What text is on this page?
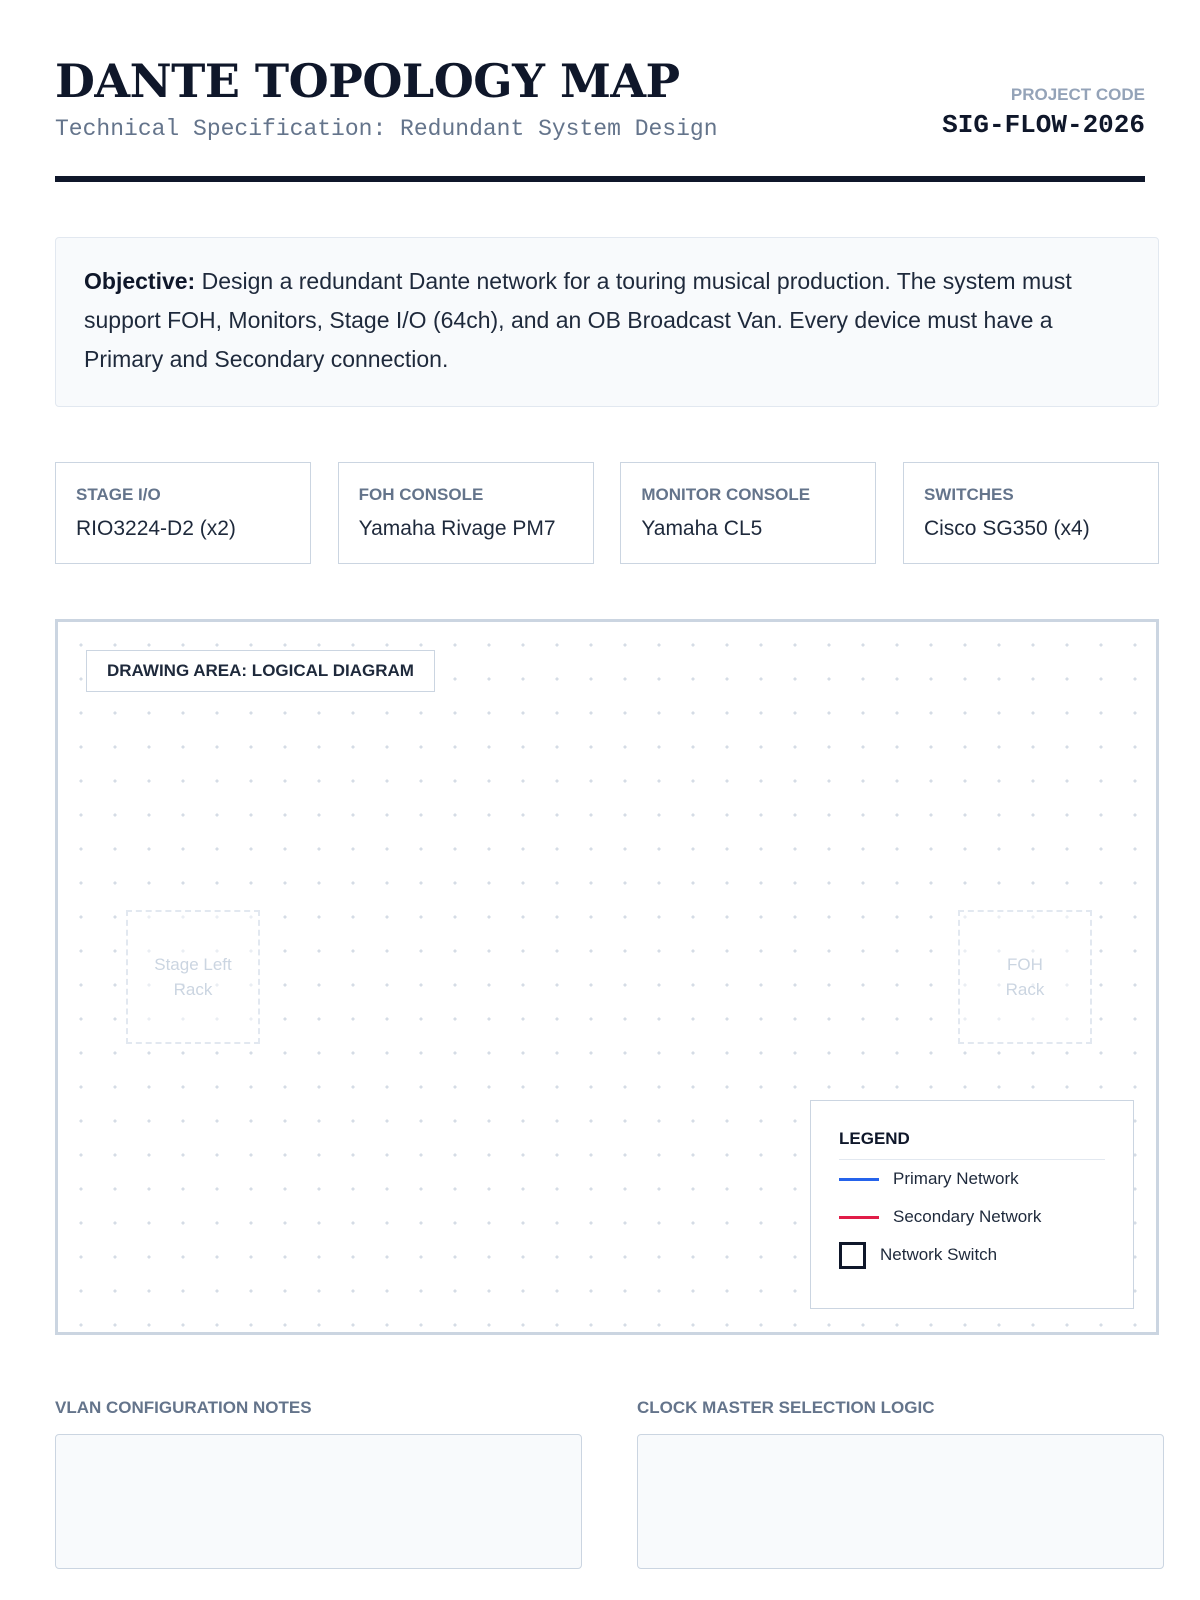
DANTE TOPOLOGY MAP
Technical Specification: Redundant System Design
PROJECT CODE
SIG-FLOW-2026
Objective: Design a redundant Dante network for a touring musical production. The system must support FOH, Monitors, Stage I/O (64ch), and an OB Broadcast Van. Every device must have a Primary and Secondary connection.
STAGE I/O
RIO3224-D2 (x2)
FOH CONSOLE
Yamaha Rivage PM7
MONITOR CONSOLE
Yamaha CL5
SWITCHES
Cisco SG350 (x4)
DRAWING AREA: LOGICAL DIAGRAM
Stage Left
Rack
FOH
Rack
LEGEND
Primary Network
Secondary Network
Network Switch
VLAN CONFIGURATION NOTES	CLOCK MASTER SELECTION LOGIC
